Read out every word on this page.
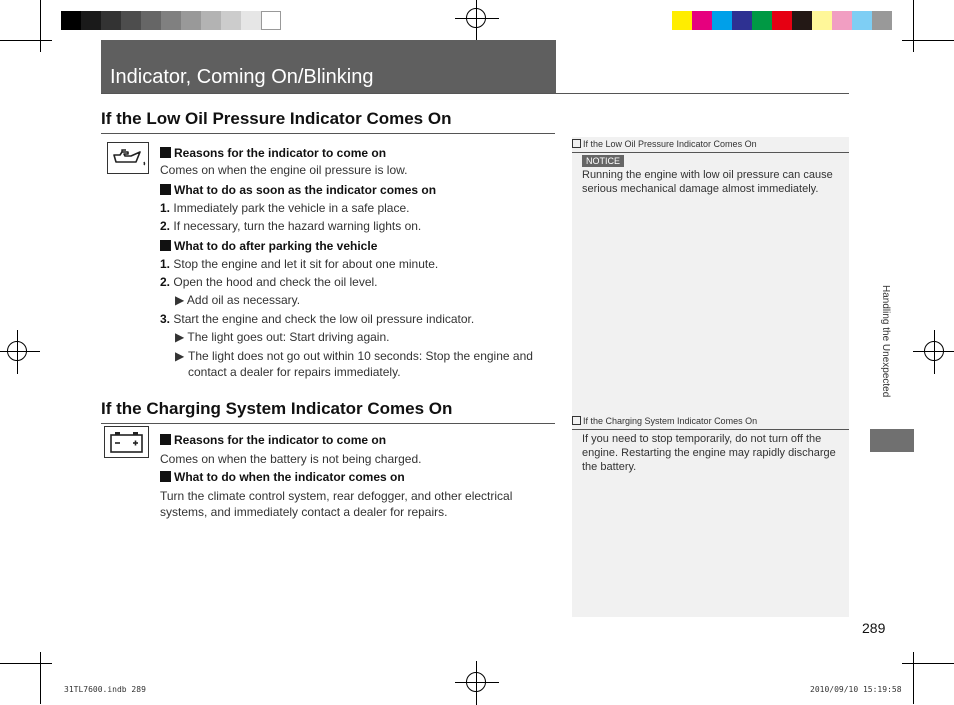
Indicator, Coming On/Blinking
If the Low Oil Pressure Indicator Comes On
Reasons for the indicator to come on
Comes on when the engine oil pressure is low.
What to do as soon as the indicator comes on
1. Immediately park the vehicle in a safe place.
2. If necessary, turn the hazard warning lights on.
What to do after parking the vehicle
1. Stop the engine and let it sit for about one minute.
2. Open the hood and check the oil level.
▶ Add oil as necessary.
3. Start the engine and check the low oil pressure indicator.
▶ The light goes out: Start driving again.
▶ The light does not go out within 10 seconds: Stop the engine and contact a dealer for repairs immediately.
If the Charging System Indicator Comes On
Reasons for the indicator to come on
Comes on when the battery is not being charged.
What to do when the indicator comes on
Turn the climate control system, rear defogger, and other electrical systems, and immediately contact a dealer for repairs.
If the Low Oil Pressure Indicator Comes On
NOTICE
Running the engine with low oil pressure can cause serious mechanical damage almost immediately.
If the Charging System Indicator Comes On
If you need to stop temporarily, do not turn off the engine. Restarting the engine may rapidly discharge the battery.
Handling the Unexpected
289
31TL7600.indb 289	2010/09/10 15:19:58
